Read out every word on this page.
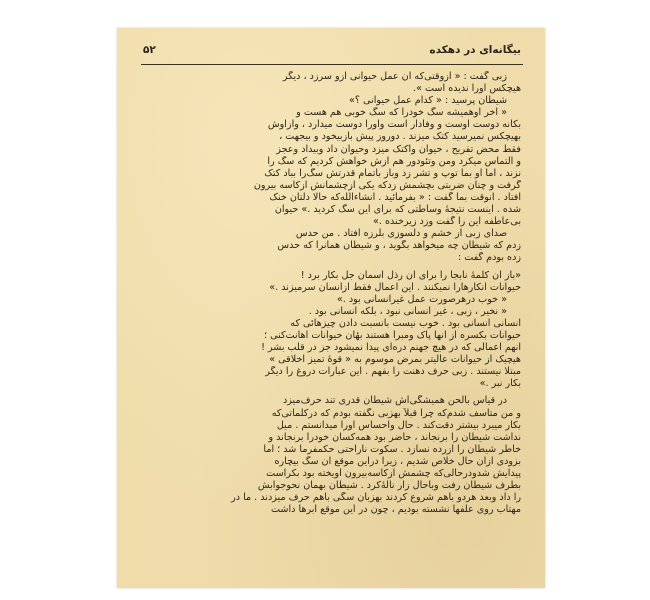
بیگانه‌ای در دهکده
۵۲
زبی گفت : « ازوقتی‌که آن عمل حیوانی ازو سرزد ، دیگر
هیچکس اورا ندیده است ».
شیطان پرسید : « کدام عمل حیوانی ؟»
« آخر اوهمیشه سگ خودرا که سگ خوبی هم هست و
بکانه دوست اوست و وفادار است واورا دوست میدارد ، وازاوش
بهیچکس نمیرسید کتک میزند . دوروز پیش بازبیخود و بیجهت ،
فقط محض تفریح ، حیوان واکتک میزد وحیوان داد وبیداد وعجز
و التماس میکرد ومن وتئودور هم ازش خواهش کردیم که سگ را
نزند ، اما او بما توپ و تشر زد وباز باتمام قدرتش سگ‌را بباد کتک
گرفت و چنان ضربتی بچشمش زدکه یکی ازچشمانش ازکاسه بیرون
افتاد . آنوقت بما گفت : « بفرمائید . انشاءالله‌که حالا دلتان خنک
شده . اینست نتیجهٔ وساطتی که برای این سگ کردید .» حیوان
بی‌عاطفه این را گفت وزد زیرخنده .»
صدای زبی از خشم و دلسوزی بلرزه افتاد . من حدس
زدم که شیطان چه میخواهد بگوید ، و شیطان همانرا که حدس
زده بودم گفت :
«باز آن کلمهٔ نابجا را برای آن رذل آسمان جل بکار برد !
حیوانات انکارهارا نمیکنند . این اعمال فقط ازانسان سرمیزند .»
« خوب درهرصورت عمل غیرانسانی بود .»
« نخیر ، زبی ، غیر انسانی نبود ، بلکه انسانی بود .
انسانی انسانی بود . خوب نیست بانسبت دادن چیزهائی که
حیوانات بکسره از آنها پاک ومبرا هستند بهٔآن حیوانات اهانت‌کنی ؛
آنهم اعمالی که در هیچ جهنم دره‌ای پیدا نمیشود جز در قلب بشر !
هیچیک از حیوانات عالیتر بمرض موسوم به « قوهٔ تمیز اخلاقی »
مبتلا نیستند . زبی حرف دهنت را بفهم . این عبارات دروغ را دیگر
بکار نبر .»
در قیاس بالحن همیشگی‌اش شیطان قدری تند حرف‌میزد
و من متأسف شدم‌که چرا قبلاً بهزبی نگفته بودم که درکلماتی‌که
بکار میبرد بیشتر دقت‌کند . حال واحساس اورا میدانستم . میل
نداشت شیطان را برنجاند ، حاضر بود همه‌کسان خودرا برنجاند و
خاطر شیطان را آزرده نسازد . سکوت ناراحتی حکمفرما شد ؛ اما
بزودی ازآن حال خلاص شدیم ، زیرا دراین موقع آن سگ بیچاره
پیدایش شدودرحالی‌که چشمش ازکاسه‌بیرون آویخته بود بکراست
بطرف شیطان رفت وباحال زار نالهٔ‌کرد . شیطان بهمان نحوجوابش
را داد وبعد هردو باهم شروع کردند بهزبان سگی باهم حرف میزدند . ما در
مهتاب روی علفها نشسته بودیم ، چون در این موقع ابرها داشت
